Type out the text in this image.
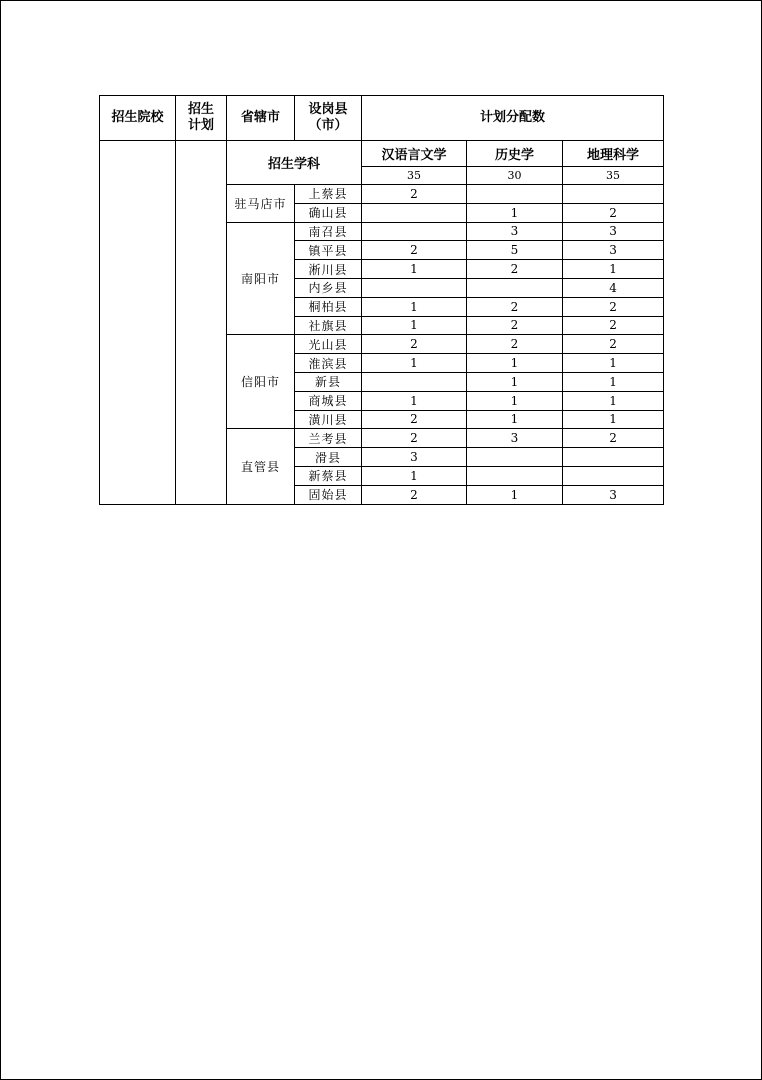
招生院校	招生计划	省辖市	设岗县
（市）	计划分配数		
		招生学科		汉语言文学	历史学	地理科学
				35	30	35
		驻马店市	上蔡县	2		
			确山县		1	2
		南阳市	南召县		3	3
			镇平县	2	5	3
			淅川县	1	2	1
			内乡县			4
			桐柏县	1	2	2
			社旗县	1	2	2
		信阳市	光山县	2	2	2
			淮滨县	1	1	1
			新县		1	1
			商城县	1	1	1
			潢川县	2	1	1
		直管县	兰考县	2	3	2
			滑县	3		
			新蔡县	1		
			固始县	2	1	3
